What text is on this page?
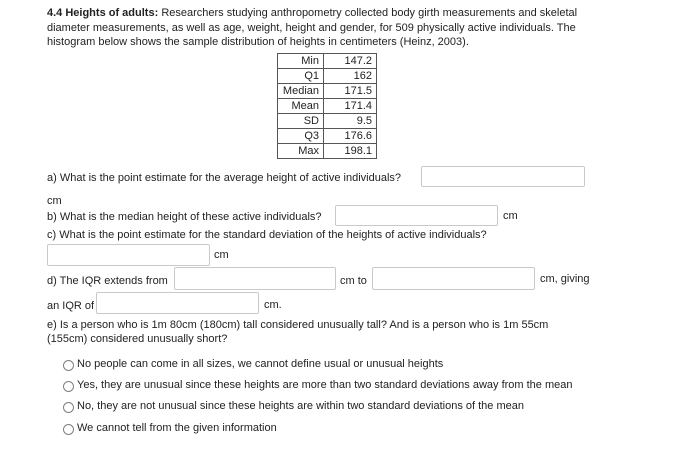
4.4 Heights of adults: Researchers studying anthropometry collected body girth measurements and skeletal diameter measurements, as well as age, weight, height and gender, for 509 physically active individuals. The histogram below shows the sample distribution of heights in centimeters (Heinz, 2003).
Min	147.2
Q1	162
Median	171.5
Mean	171.4
SD	9.5
Q3	176.6
Max	198.1
a) What is the point estimate for the average height of active individuals?
cm
b) What is the median height of these active individuals?	cm
c) What is the point estimate for the standard deviation of the heights of active individuals?
cm
d) The IQR extends from	cm to	cm, giving
an IQR of	cm.
e) Is a person who is 1m 80cm (180cm) tall considered unusually tall? And is a person who is 1m 55cm
(155cm) considered unusually short?
No people can come in all sizes, we cannot define usual or unusual heights
Yes, they are unusual since these heights are more than two standard deviations away from the mean
No, they are not unusual since these heights are within two standard deviations of the mean
We cannot tell from the given information
